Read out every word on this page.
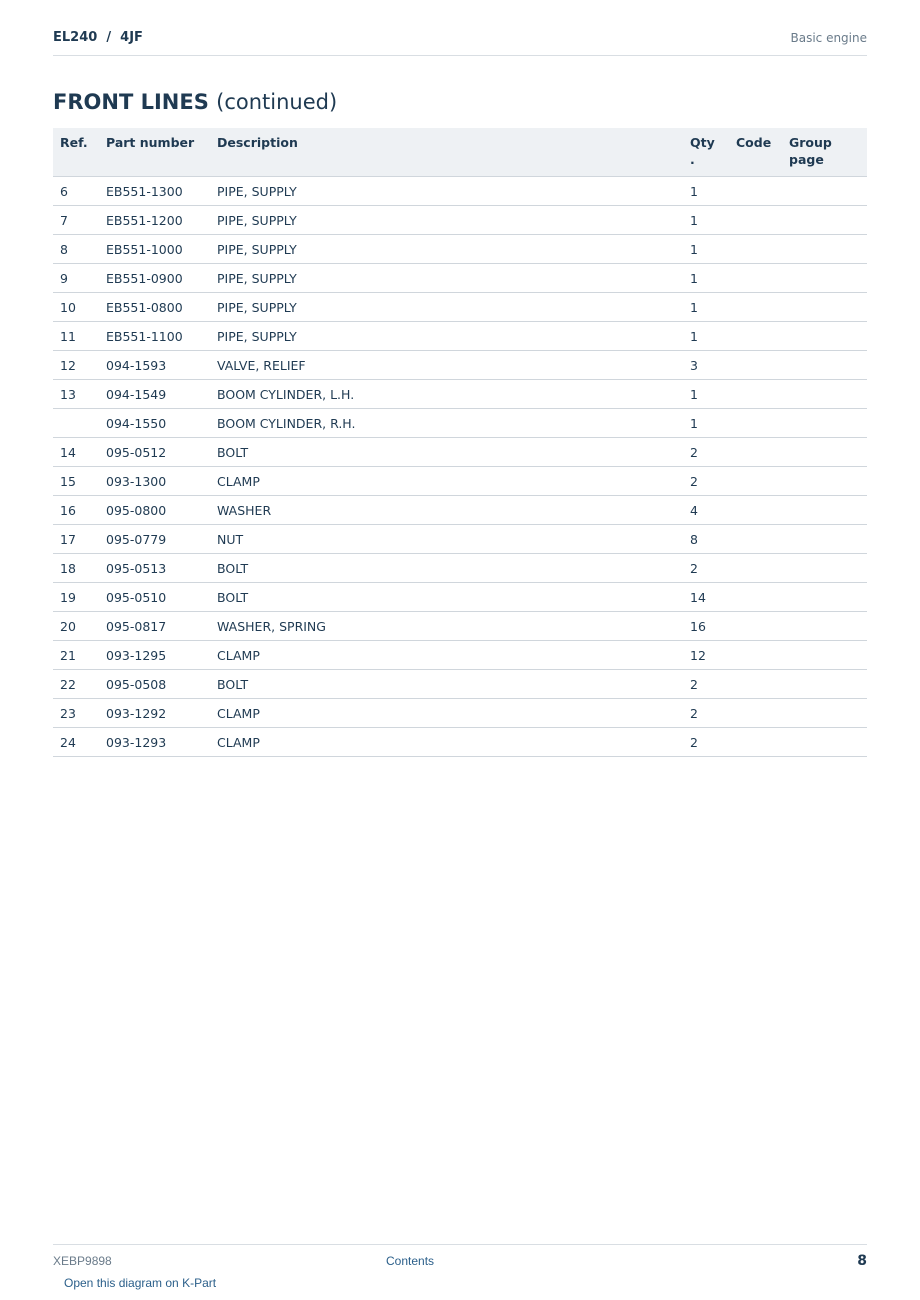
EL240  /  4JF	Basic engine
FRONT LINES (continued)
Ref.	Part number	Description	Qty .	Code	Group page
6	EB551-1300	PIPE, SUPPLY	1		
7	EB551-1200	PIPE, SUPPLY	1		
8	EB551-1000	PIPE, SUPPLY	1		
9	EB551-0900	PIPE, SUPPLY	1		
10	EB551-0800	PIPE, SUPPLY	1		
11	EB551-1100	PIPE, SUPPLY	1		
12	094-1593	VALVE, RELIEF	3		
13	094-1549	BOOM CYLINDER, L.H.	1		
	094-1550	BOOM CYLINDER, R.H.	1		
14	095-0512	BOLT	2		
15	093-1300	CLAMP	2		
16	095-0800	WASHER	4		
17	095-0779	NUT	8		
18	095-0513	BOLT	2		
19	095-0510	BOLT	14		
20	095-0817	WASHER, SPRING	16		
21	093-1295	CLAMP	12		
22	095-0508	BOLT	2		
23	093-1292	CLAMP	2		
24	093-1293	CLAMP	2		
XEBP9898	Contents	8
Open this diagram on K-Part
